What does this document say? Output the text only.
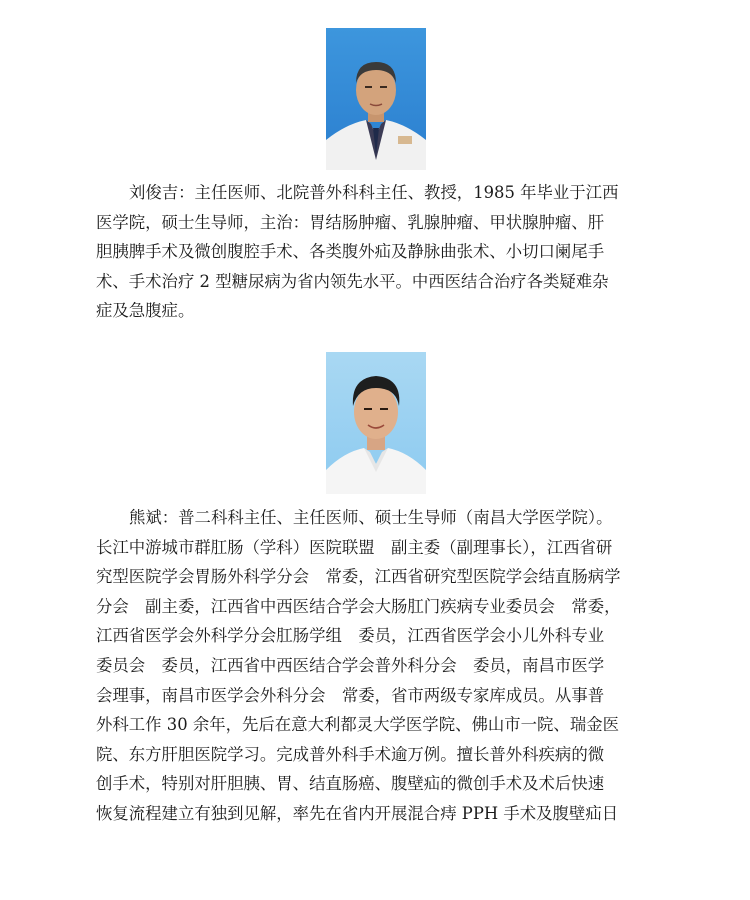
刘俊吉：主任医师、北院普外科科主任、教授，1985 年毕业于江西
医学院，硕士生导师，主治：胃结肠肿瘤、乳腺肿瘤、甲状腺肿瘤、肝
胆胰脾手术及微创腹腔手术、各类腹外疝及静脉曲张术、小切口阑尾手
术、手术治疗 2 型糖尿病为省内领先水平。中西医结合治疗各类疑难杂
症及急腹症。

熊斌：普二科科主任、主任医师、硕士生导师（南昌大学医学院）。
长江中游城市群肛肠（学科）医院联盟　副主委（副理事长），江西省研
究型医院学会胃肠外科学分会　常委，江西省研究型医院学会结直肠病学
分会　副主委，江西省中西医结合学会大肠肛门疾病专业委员会　常委，
江西省医学会外科学分会肛肠学组　委员，江西省医学会小儿外科专业
委员会　委员，江西省中西医结合学会普外科分会　委员，南昌市医学
会理事，南昌市医学会外科分会　常委，省市两级专家库成员。从事普
外科工作 30 余年，先后在意大利都灵大学医学院、佛山市一院、瑞金医
院、东方肝胆医院学习。完成普外科手术逾万例。擅长普外科疾病的微
创手术，特别对肝胆胰、胃、结直肠癌、腹壁疝的微创手术及术后快速
恢复流程建立有独到见解，率先在省内开展混合痔 PPH 手术及腹壁疝日
